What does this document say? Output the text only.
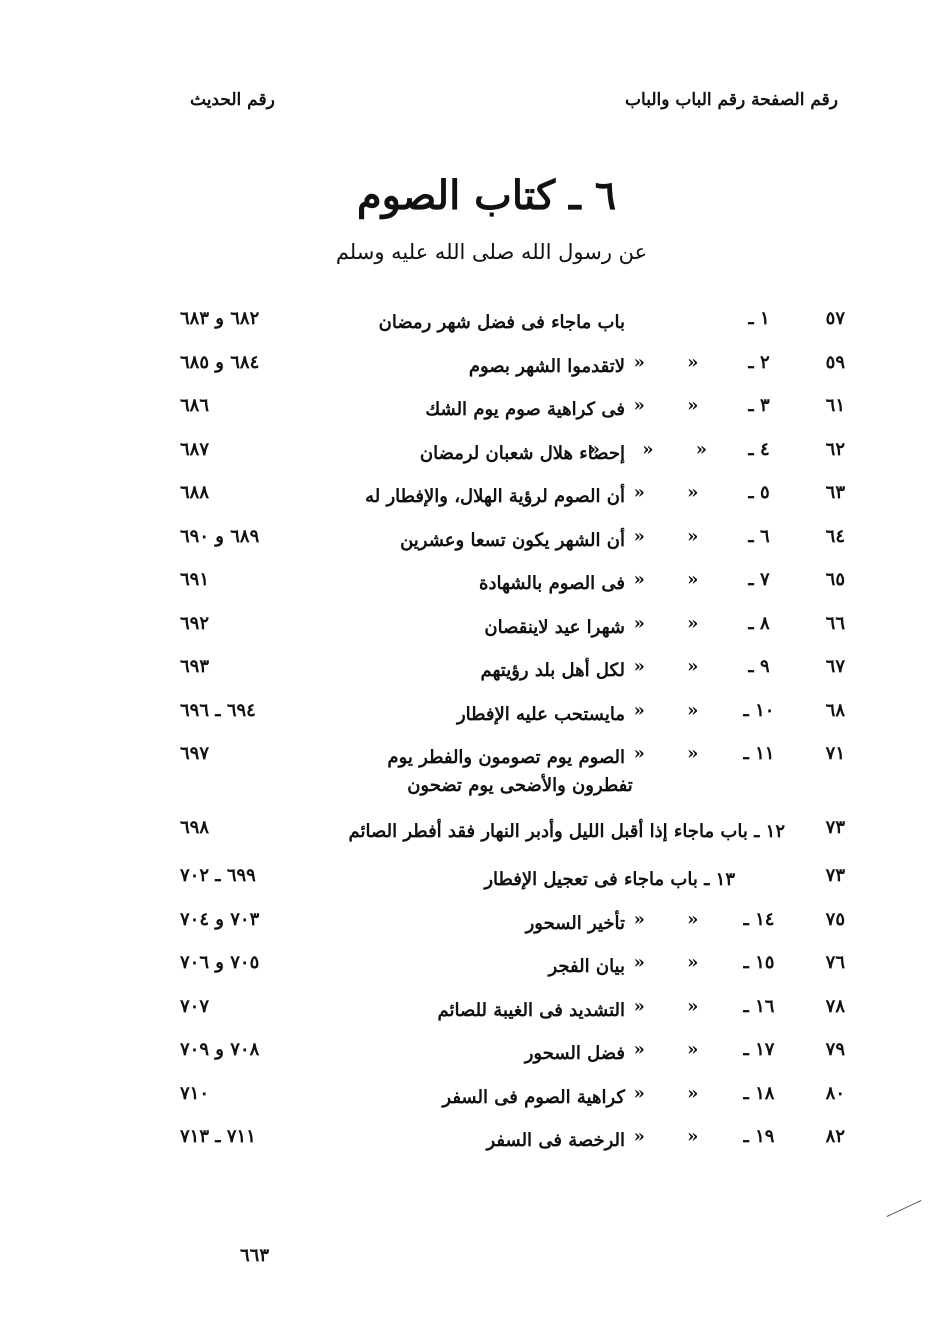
رقم الصفحة رقم الباب والباب
رقم الحديث
٦ ـ كتاب الصوم
عن رسول الله صلى الله عليه وسلم
٥٧
١ ـ
باب ماجاء فى فضل شهر رمضان
٦٨٢ و ٦٨٣
٥٩
٢ ـ
« «
لاتقدموا الشهر بصوم
٦٨٤ و ٦٨٥
٦١
٣ ـ
« «
فى كراهية صوم يوم الشك
٦٨٦
٦٢
٤ ـ
« « «
إحصاء هلال شعبان لرمضان
٦٨٧
٦٣
٥ ـ
« «
أن الصوم لرؤية الهلال، والإفطار له
٦٨٨
٦٤
٦ ـ
« «
أن الشهر يكون تسعا وعشرين
٦٨٩ و ٦٩٠
٦٥
٧ ـ
« «
فى الصوم بالشهادة
٦٩١
٦٦
٨ ـ
« «
شهرا عيد لاينقصان
٦٩٢
٦٧
٩ ـ
« «
لكل أهل بلد رؤيتهم
٦٩٣
٦٨
١٠ ـ
« «
مايستحب عليه الإفطار
٦٩٤ ـ ٦٩٦
٧١
١١ ـ
« «
الصوم يوم تصومون والفطر يوم
٦٩٧
تفطرون والأضحى يوم تضحون
٧٣
١٢ ـ باب ماجاء إذا أقبل الليل وأدبر النهار فقد أفطر الصائم
٦٩٨
٧٣
١٣ ـ باب ماجاء فى تعجيل الإفطار
٦٩٩ ـ ٧٠٢
٧٥
١٤ ـ
« «
تأخير السحور
٧٠٣ و ٧٠٤
٧٦
١٥ ـ
« «
بيان الفجر
٧٠٥ و ٧٠٦
٧٨
١٦ ـ
« «
التشديد فى الغيبة للصائم
٧٠٧
٧٩
١٧ ـ
« «
فضل السحور
٧٠٨ و ٧٠٩
٨٠
١٨ ـ
« «
كراهية الصوم فى السفر
٧١٠
٨٢
١٩ ـ
« «
الرخصة فى السفر
٧١١ ـ ٧١٣
٦٦٣
